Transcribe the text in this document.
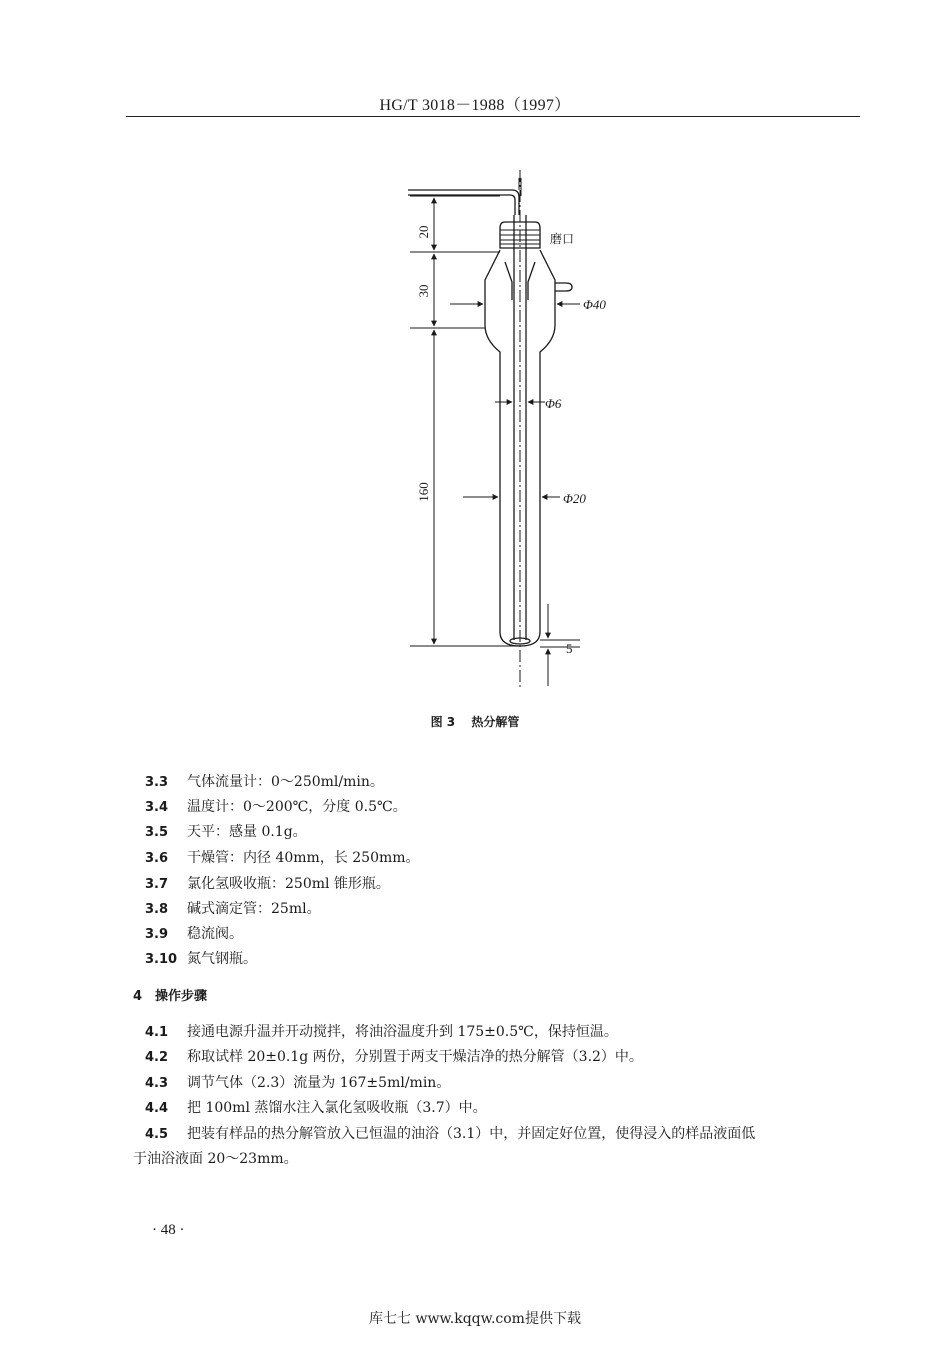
HG/T 3018－1988（1997）
20
30
160
磨口
Φ40
Φ6
Φ20
5
图 3 热分解管
3.3 气体流量计：0～250ml/min。
3.4 温度计：0～200℃，分度 0.5℃。
3.5 天平：感量 0.1g。
3.6 干燥管：内径 40mm，长 250mm。
3.7 氯化氢吸收瓶：250ml 锥形瓶。
3.8 碱式滴定管：25ml。
3.9 稳流阀。
3.10 氮气钢瓶。
4 操作步骤
4.1 接通电源升温并开动搅拌，将油浴温度升到 175±0.5℃，保持恒温。
4.2 称取试样 20±0.1g 两份，分别置于两支干燥洁净的热分解管（3.2）中。
4.3 调节气体（2.3）流量为 167±5ml/min。
4.4 把 100ml 蒸馏水注入氯化氢吸收瓶（3.7）中。
4.5 把装有样品的热分解管放入已恒温的油浴（3.1）中，并固定好位置，使得浸入的样品液面低
于油浴液面 20～23mm。
· 48 ·
库七七 www.kqqw.com提供下载
